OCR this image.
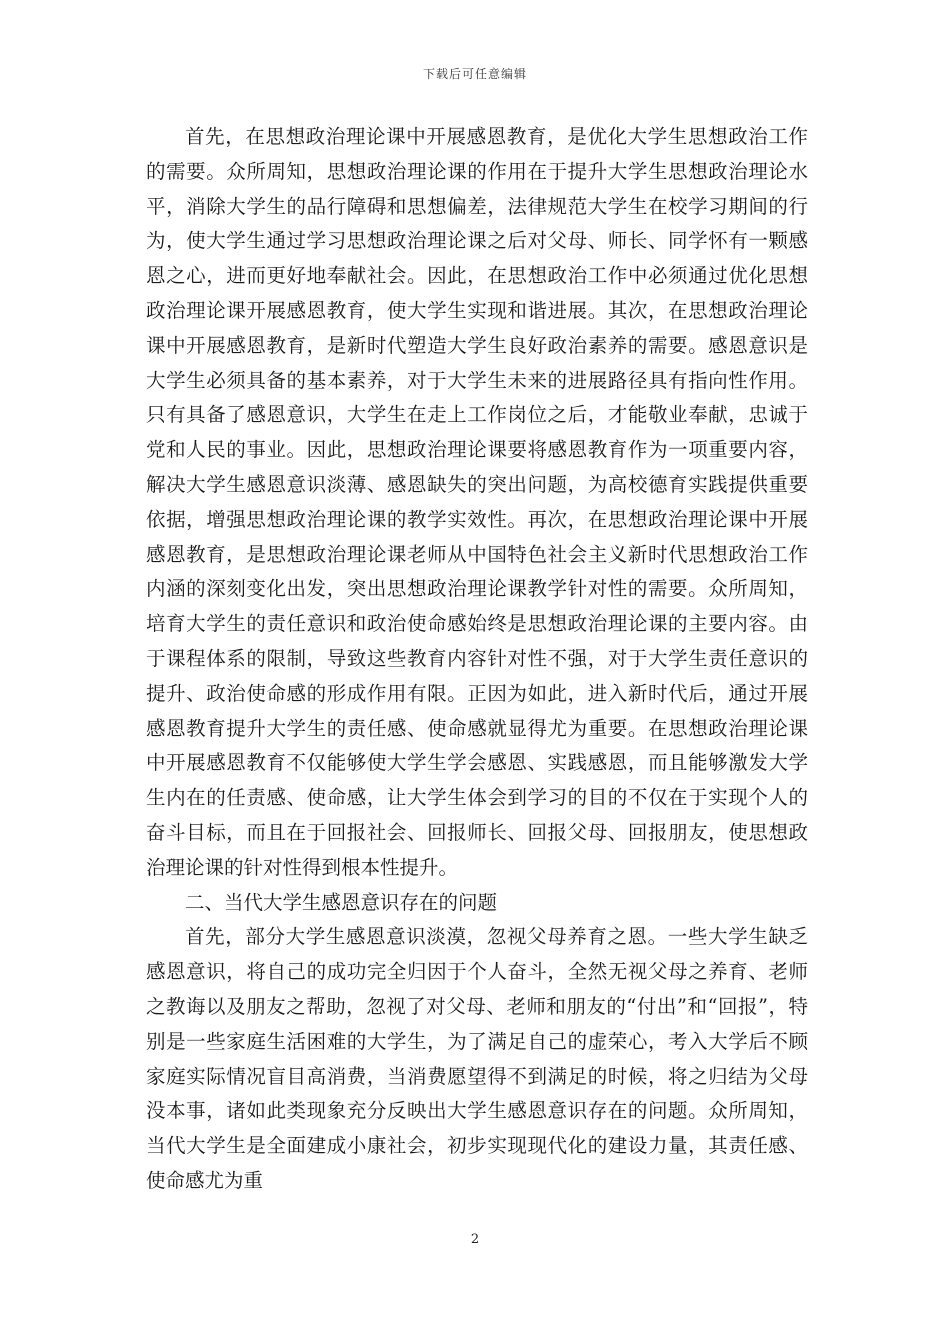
下载后可任意编辑

首先，在思想政治理论课中开展感恩教育，是优化大学生思想政治工作的需要。众所周知，思想政治理论课的作用在于提升大学生思想政治理论水平，消除大学生的品行障碍和思想偏差，法律规范大学生在校学习期间的行为，使大学生通过学习思想政治理论课之后对父母、师长、同学怀有一颗感恩之心，进而更好地奉献社会。因此，在思想政治工作中必须通过优化思想政治理论课开展感恩教育，使大学生实现和谐进展。其次，在思想政治理论课中开展感恩教育，是新时代塑造大学生良好政治素养的需要。感恩意识是大学生必须具备的基本素养，对于大学生未来的进展路径具有指向性作用。只有具备了感恩意识，大学生在走上工作岗位之后，才能敬业奉献，忠诚于党和人民的事业。因此，思想政治理论课要将感恩教育作为一项重要内容，解决大学生感恩意识淡薄、感恩缺失的突出问题，为高校德育实践提供重要依据，增强思想政治理论课的教学实效性。再次，在思想政治理论课中开展感恩教育，是思想政治理论课老师从中国特色社会主义新时代思想政治工作内涵的深刻变化出发，突出思想政治理论课教学针对性的需要。众所周知，培育大学生的责任意识和政治使命感始终是思想政治理论课的主要内容。由于课程体系的限制，导致这些教育内容针对性不强，对于大学生责任意识的提升、政治使命感的形成作用有限。正因为如此，进入新时代后，通过开展感恩教育提升大学生的责任感、使命感就显得尤为重要。在思想政治理论课中开展感恩教育不仅能够使大学生学会感恩、实践感恩，而且能够激发大学生内在的任责感、使命感，让大学生体会到学习的目的不仅在于实现个人的奋斗目标，而且在于回报社会、回报师长、回报父母、回报朋友，使思想政治理论课的针对性得到根本性提升。

二、当代大学生感恩意识存在的问题

首先，部分大学生感恩意识淡漠，忽视父母养育之恩。一些大学生缺乏感恩意识，将自己的成功完全归因于个人奋斗，全然无视父母之养育、老师之教诲以及朋友之帮助，忽视了对父母、老师和朋友的“付出”和“回报”，特别是一些家庭生活困难的大学生，为了满足自己的虚荣心，考入大学后不顾家庭实际情况盲目高消费，当消费愿望得不到满足的时候，将之归结为父母没本事，诸如此类现象充分反映出大学生感恩意识存在的问题。众所周知，当代大学生是全面建成小康社会，初步实现现代化的建设力量，其责任感、使命感尤为重

2
